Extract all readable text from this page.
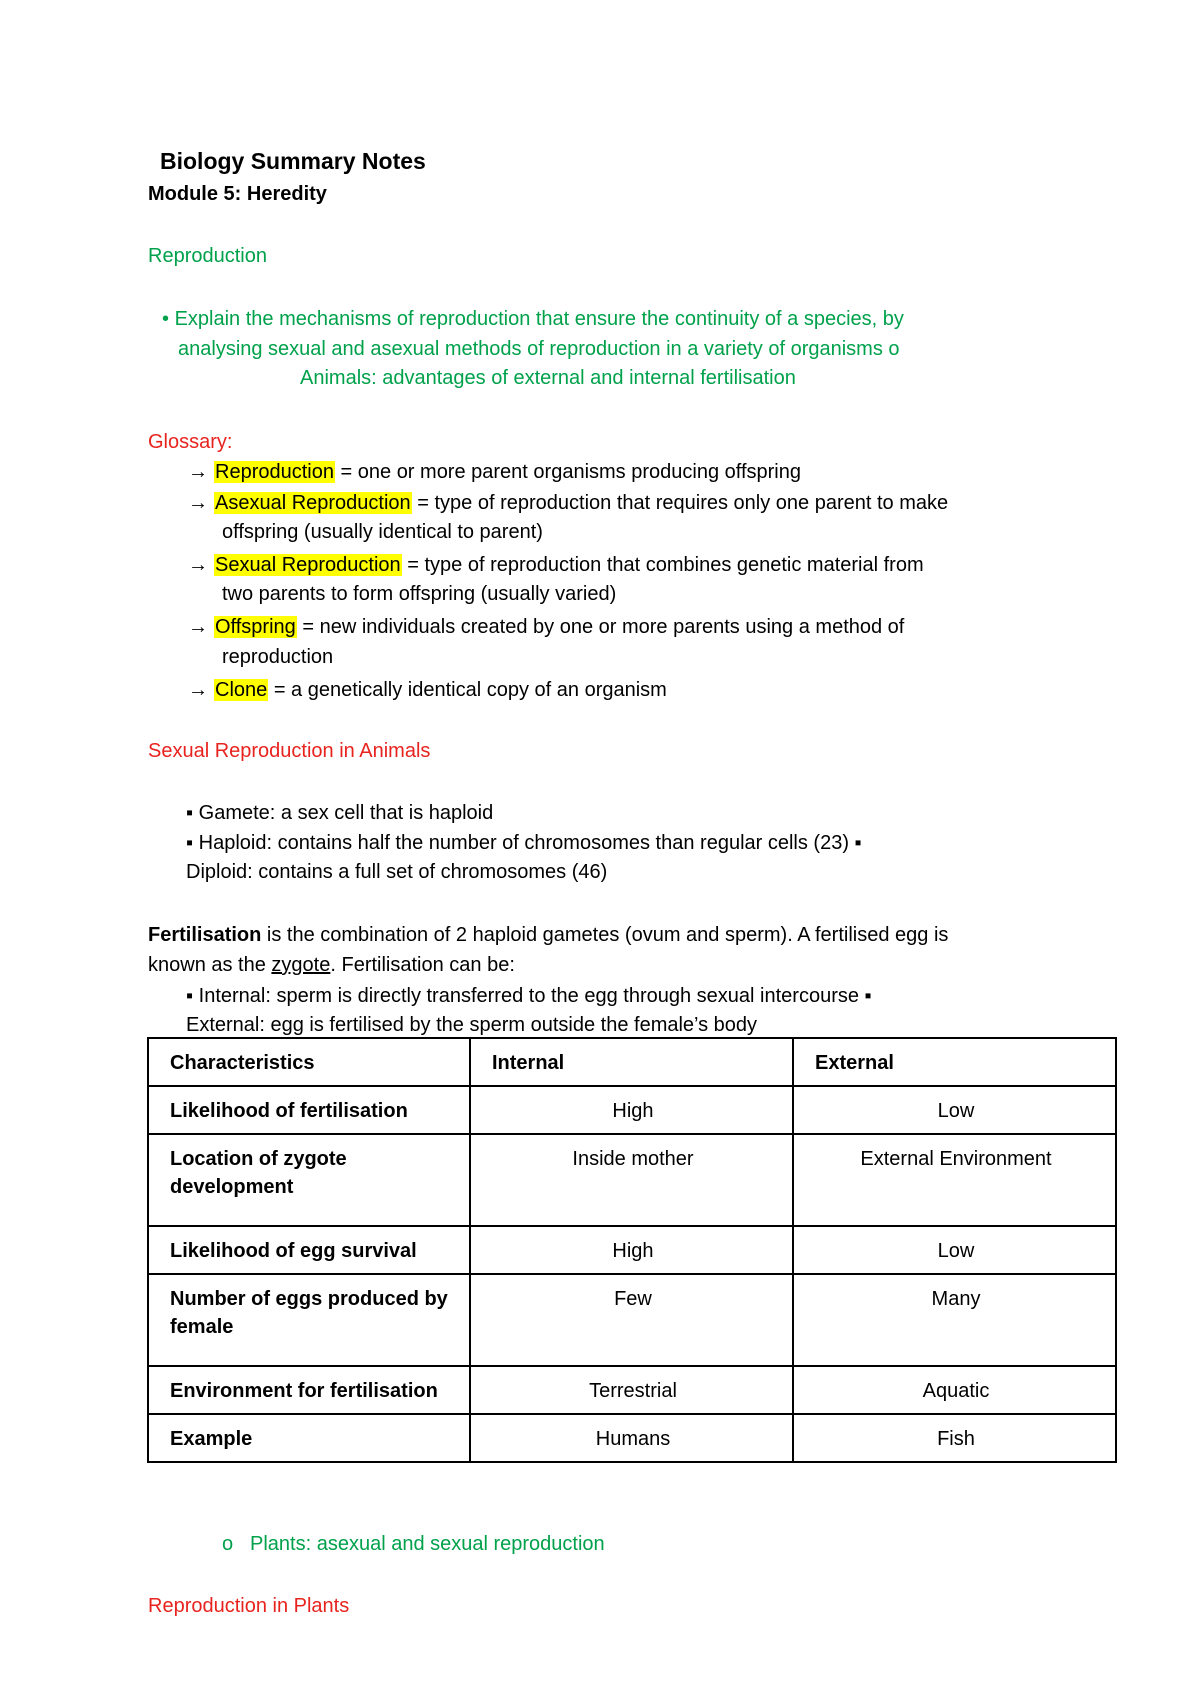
Biology Summary Notes
Module 5: Heredity
Reproduction
• Explain the mechanisms of reproduction that ensure the continuity of a species, by
analysing sexual and asexual methods of reproduction in a variety of organisms o
Animals: advantages of external and internal fertilisation
Glossary:
→ Reproduction = one or more parent organisms producing offspring
→ Asexual Reproduction = type of reproduction that requires only one parent to make
offspring (usually identical to parent)
→ Sexual Reproduction = type of reproduction that combines genetic material from
two parents to form offspring (usually varied)
→ Offspring = new individuals created by one or more parents using a method of
reproduction
→ Clone = a genetically identical copy of an organism
Sexual Reproduction in Animals
▪ Gamete: a sex cell that is haploid
▪ Haploid: contains half the number of chromosomes than regular cells (23) ▪
Diploid: contains a full set of chromosomes (46)
Fertilisation is the combination of 2 haploid gametes (ovum and sperm). A fertilised egg is
known as the zygote. Fertilisation can be:
▪ Internal: sperm is directly transferred to the egg through sexual intercourse ▪
External: egg is fertilised by the sperm outside the female’s body
Characteristics	Internal	External
Likelihood of fertilisation	High	Low
Location of zygote development	Inside mother	External Environment
Likelihood of egg survival	High	Low
Number of eggs produced by female	Few	Many
Environment for fertilisation	Terrestrial	Aquatic
Example	Humans	Fish
o Plants: asexual and sexual reproduction
Reproduction in Plants
